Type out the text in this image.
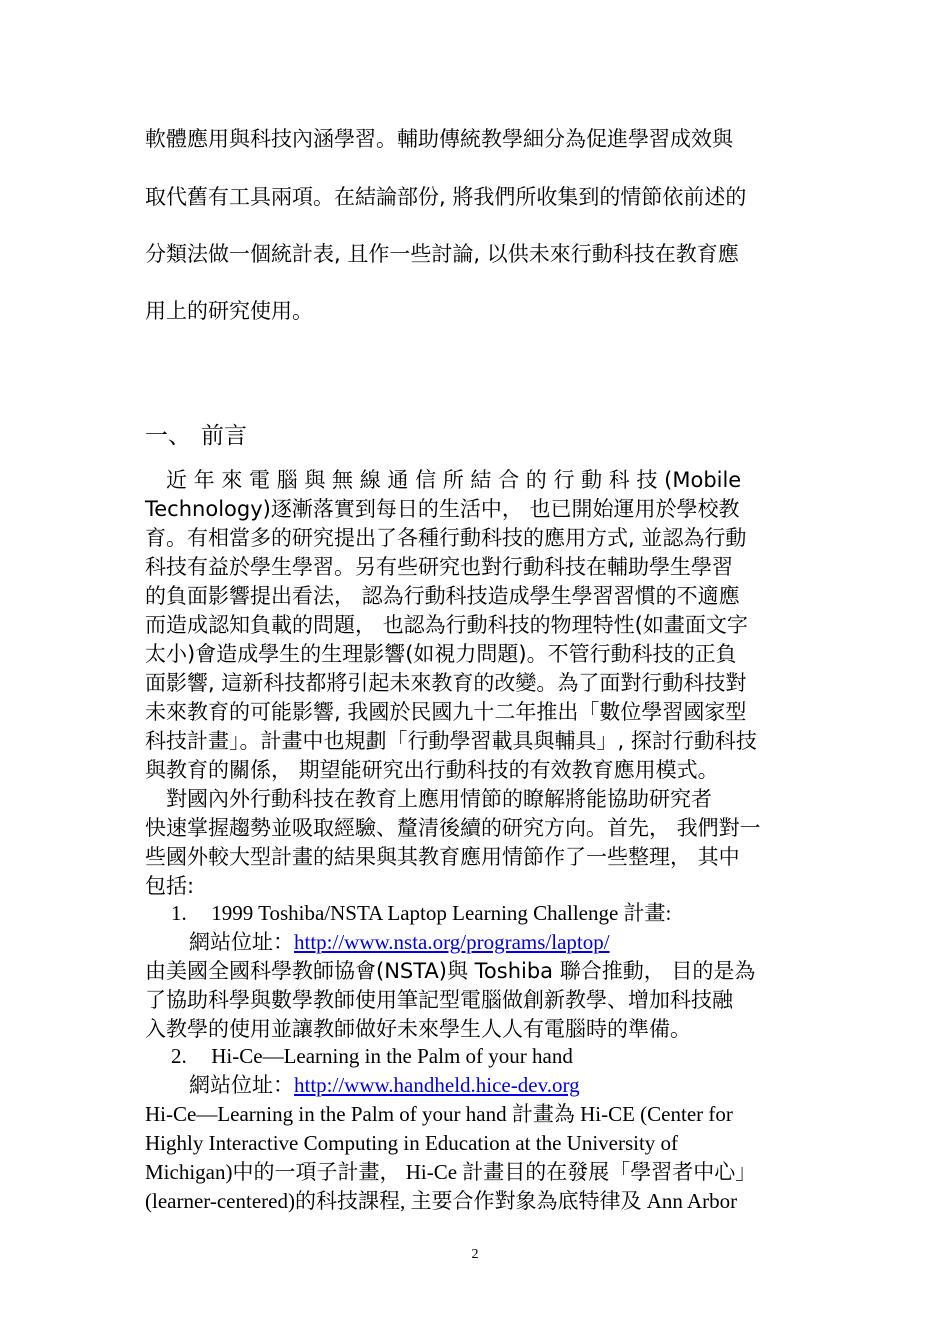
軟體應用與科技內涵學習。輔助傳統教學細分為促進學習成效與
取代舊有工具兩項。在結論部份, 將我們所收集到的情節依前述的
分類法做一個統計表, 且作一些討論, 以供未來行動科技在教育應
用上的研究使用。
一、 前言
　近 年 來 電 腦 與 無 線 通 信 所 結 合 的 行 動 科 技 (Mobile
Technology)逐漸落實到每日的生活中， 也已開始運用於學校教
育。有相當多的研究提出了各種行動科技的應用方式, 並認為行動
科技有益於學生學習。另有些研究也對行動科技在輔助學生學習
的負面影響提出看法， 認為行動科技造成學生學習習慣的不適應
而造成認知負載的問題， 也認為行動科技的物理特性(如畫面文字
太小)會造成學生的生理影響(如視力問題)。不管行動科技的正負
面影響, 這新科技都將引起未來教育的改變。為了面對行動科技對
未來教育的可能影響, 我國於民國九十二年推出「數位學習國家型
科技計畫」。計畫中也規劃「行動學習載具與輔具」, 探討行動科技
與教育的關係， 期望能研究出行動科技的有效教育應用模式。
　對國內外行動科技在教育上應用情節的瞭解將能協助研究者
快速掌握趨勢並吸取經驗、釐清後續的研究方向。首先， 我們對一
些國外較大型計畫的結果與其教育應用情節作了一些整理， 其中
包括:
1. 1999 Toshiba/NSTA Laptop Learning Challenge 計畫:
網站位址：http://www.nsta.org/programs/laptop/
由美國全國科學教師協會(NSTA)與 Toshiba 聯合推動， 目的是為
了協助科學與數學教師使用筆記型電腦做創新教學、增加科技融
入教學的使用並讓教師做好未來學生人人有電腦時的準備。
2. Hi-Ce—Learning in the Palm of your hand
網站位址：http://www.handheld.hice-dev.org
Hi-Ce—Learning in the Palm of your hand 計畫為 Hi-CE (Center for
Highly Interactive Computing in Education at the University of
Michigan)中的一項子計畫， Hi-Ce 計畫目的在發展「學習者中心」
(learner-centered)的科技課程, 主要合作對象為底特律及 Ann Arbor
2
